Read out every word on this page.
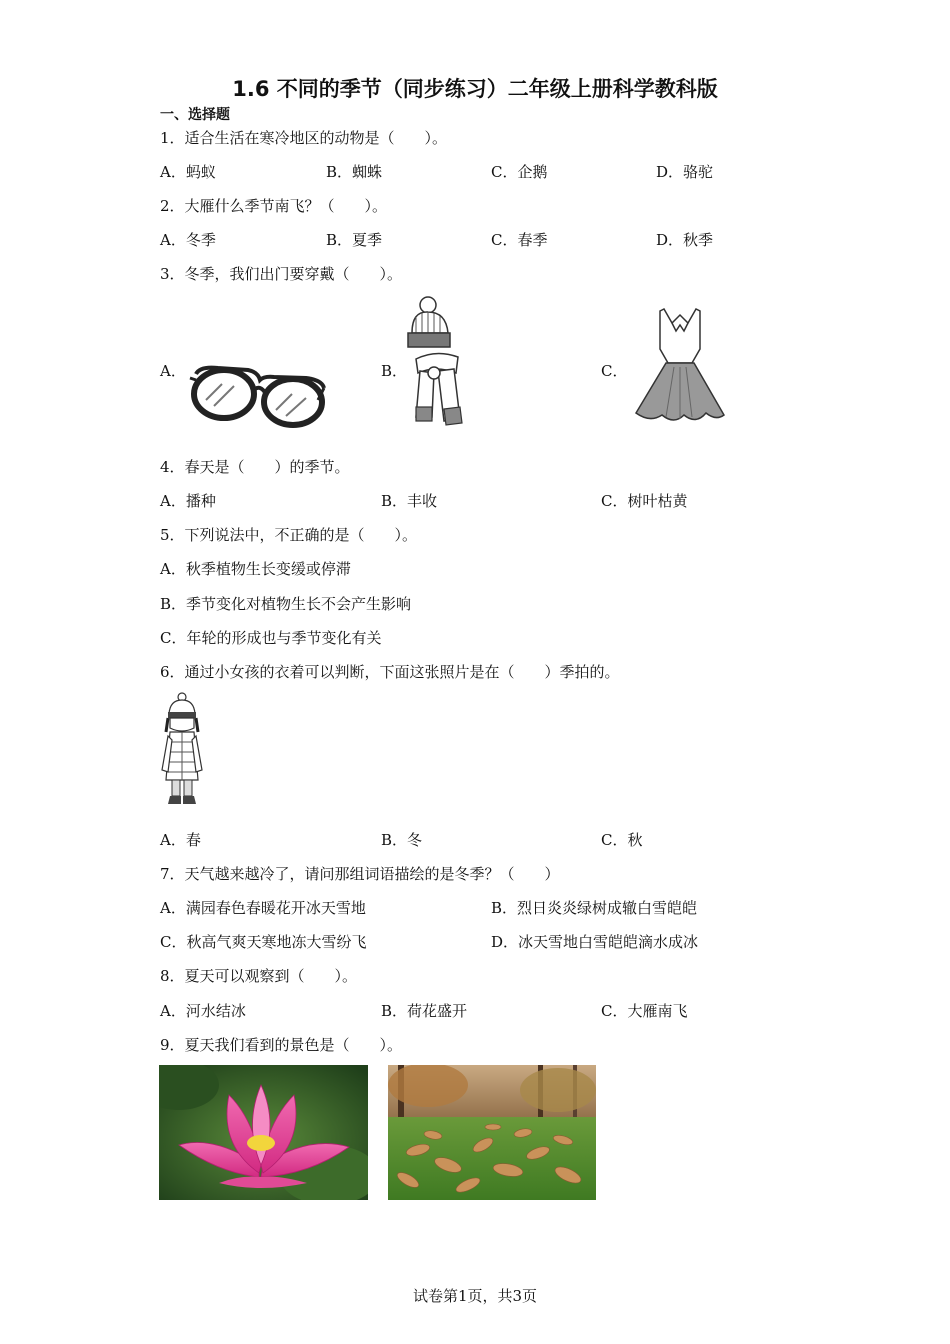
1.6 不同的季节（同步练习）二年级上册科学教科版
一、选择题
1．适合生活在寒冷地区的动物是（　　）。
A．蚂蚁	B．蜘蛛	C．企鹅	D．骆驼
2．大雁什么季节南飞？（　　）。
A．冬季	B．夏季	C．春季	D．秋季
3．冬季，我们出门要穿戴（　　）。
A．	B．	C．
4．春天是（　　）的季节。
A．播种	B．丰收	C．树叶枯黄
5．下列说法中，不正确的是（　　）。
A．秋季植物生长变缓或停滞
B．季节变化对植物生长不会产生影响
C．年轮的形成也与季节变化有关
6．通过小女孩的衣着可以判断，下面这张照片是在（　　）季拍的。
A．春	B．冬	C．秋
7．天气越来越冷了，请问那组词语描绘的是冬季？（　　）
A．满园春色春暖花开冰天雪地	B．烈日炎炎绿树成辙白雪皑皑
C．秋高气爽天寒地冻大雪纷飞	D．冰天雪地白雪皑皑滴水成冰
8．夏天可以观察到（　　）。
A．河水结冰	B．荷花盛开	C．大雁南飞
9．夏天我们看到的景色是（　　）。
试卷第1页，共3页
